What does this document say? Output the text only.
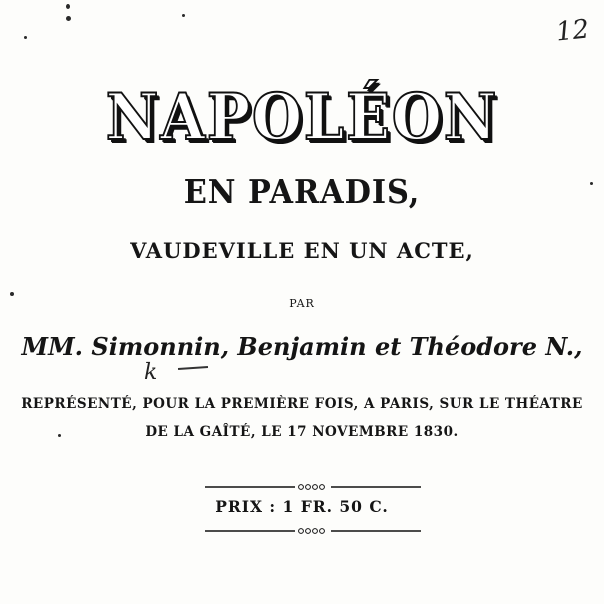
12
NAPOLÉON
EN PARADIS,
VAUDEVILLE EN UN ACTE,
PAR
MM. Simonnin, Benjamin et Théodore N.,
k
REPRÉSENTÉ, POUR LA PREMIÈRE FOIS, A PARIS, SUR LE THÉATRE
DE LA GAÎTÉ, LE 17 NOVEMBRE 1830.
PRIX : 1 FR. 50 C.
